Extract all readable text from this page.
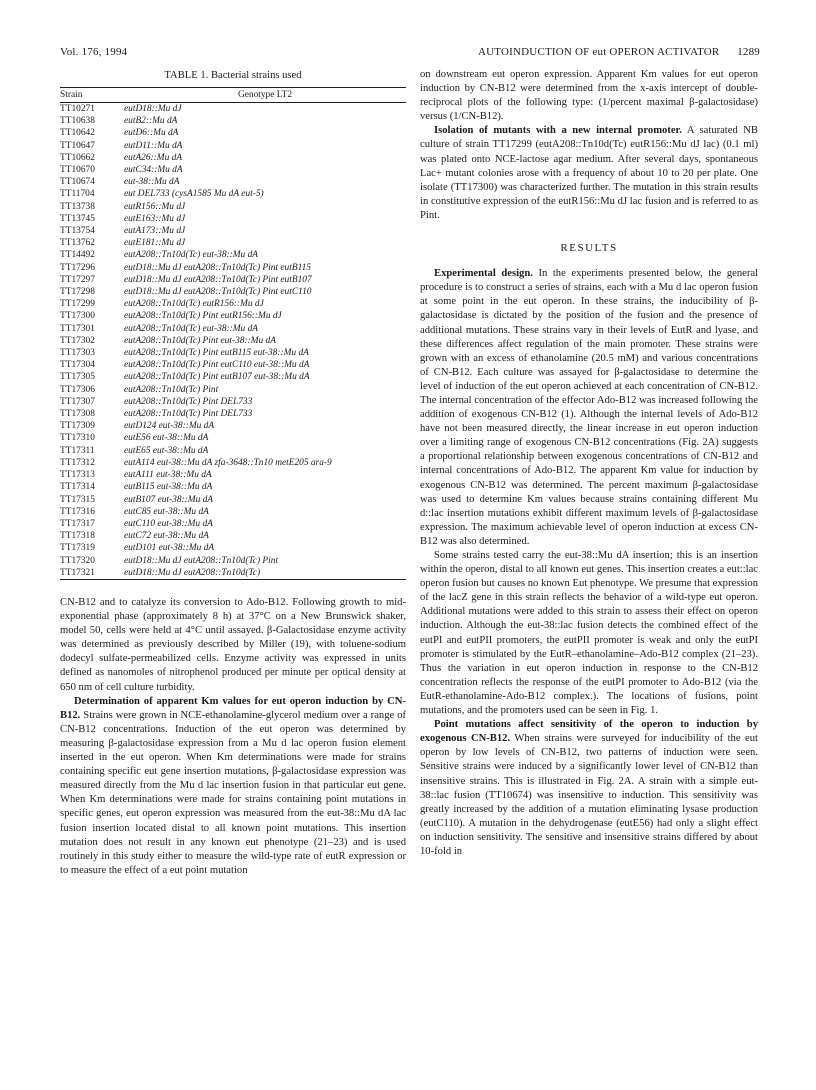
Vol. 176, 1994	AUTOINDUCTION OF eut OPERON ACTIVATOR 1289
TABLE 1. Bacterial strains used
Strain	Genotype LT2
TT10271	eutD18::Mu dJ
TT10638	eutB2::Mu dA
TT10642	eutD6::Mu dA
TT10647	eutD11::Mu dA
TT10662	eutA26::Mu dA
TT10670	eutC34::Mu dA
TT10674	eut-38::Mu dA
TT11704	eut DEL733 (cysA1585 Mu dA eut-5)
TT13738	eutR156::Mu dJ
TT13745	eutE163::Mu dJ
TT13754	eutA173::Mu dJ
TT13762	eutE181::Mu dJ
TT14492	eutA208::Tn10d(Tc) eut-38::Mu dA
TT17296	eutD18::Mu dJ eutA208::Tn10d(Tc) Pint eutB115
TT17297	eutD18::Mu dJ eutA208::Tn10d(Tc) Pint eutB107
TT17298	eutD18::Mu dJ eutA208::Tn10d(Tc) Pint eutC110
TT17299	eutA208::Tn10d(Tc) eutR156::Mu dJ
TT17300	eutA208::Tn10d(Tc) Pint eutR156::Mu dJ
TT17301	eutA208::Tn10d(Tc) eut-38::Mu dA
TT17302	eutA208::Tn10d(Tc) Pint eut-38::Mu dA
TT17303	eutA208::Tn10d(Tc) Pint eutB115 eut-38::Mu dA
TT17304	eutA208::Tn10d(Tc) Pint eutC110 eut-38::Mu dA
TT17305	eutA208::Tn10d(Tc) Pint eutB107 eut-38::Mu dA
TT17306	eutA208::Tn10d(Tc) Pint
TT17307	eutA208::Tn10d(Tc) Pint DEL733
TT17308	eutA208::Tn10d(Tc) Pint DEL733
TT17309	eutD124 eut-38::Mu dA
TT17310	eutE56 eut-38::Mu dA
TT17311	eutE65 eut-38::Mu dA
TT17312	eutA114 eut-38::Mu dA zfa-3648::Tn10 metE205 ara-9
TT17313	eutA111 eut-38::Mu dA
TT17314	eutB115 eut-38::Mu dA
TT17315	eutB107 eut-38::Mu dA
TT17316	eutC85 eut-38::Mu dA
TT17317	eutC110 eut-38::Mu dA
TT17318	eutC72 eut-38::Mu dA
TT17319	eutD101 eut-38::Mu dA
TT17320	eutD18::Mu dJ eutA208::Tn10d(Tc) Pint
TT17321	eutD18::Mu dJ eutA208::Tn10d(Tc)

CN-B12 and to catalyze its conversion to Ado-B12. Following growth to mid-exponential phase (approximately 8 h) at 37°C on a New Brunswick shaker, model 50, cells were held at 4°C until assayed. β-Galactosidase enzyme activity was determined as previously described by Miller (19), with toluene-sodium dodecyl sulfate-permeabilized cells. Enzyme activity was expressed in units defined as nanomoles of nitrophenol produced per minute per optical density at 650 nm of cell culture turbidity.

Determination of apparent Km values for eut operon induction by CN-B12. Strains were grown in NCE-ethanolamine-glycerol medium over a range of CN-B12 concentrations. Induction of the eut operon was determined by measuring β-galactosidase expression from a Mu d lac operon fusion element inserted in the eut operon. When Km determinations were made for strains containing specific eut gene insertion mutations, β-galactosidase expression was measured directly from the Mu d lac insertion fusion in that particular eut gene. When Km determinations were made for strains containing point mutations in specific genes, eut operon expression was measured from the eut-38::Mu dA lac fusion insertion located distal to all known point mutations. This insertion mutation does not result in any known eut phenotype (21–23) and is used routinely in this study either to measure the wild-type rate of eutR expression or to measure the effect of a eut point mutation

on downstream eut operon expression. Apparent Km values for eut operon induction by CN-B12 were determined from the x-axis intercept of double-reciprocal plots of the following type: (1/percent maximal β-galactosidase) versus (1/CN-B12).

Isolation of mutants with a new internal promoter. A saturated NB culture of strain TT17299 (eutA208::Tn10d(Tc) eutR156::Mu dJ lac) (0.1 ml) was plated onto NCE-lactose agar medium. After several days, spontaneous Lac+ mutant colonies arose with a frequency of about 10 to 20 per plate. One isolate (TT17300) was characterized further. The mutation in this strain results in constitutive expression of the eutR156::Mu dJ lac fusion and is referred to as Pint.

RESULTS

Experimental design. In the experiments presented below, the general procedure is to construct a series of strains, each with a Mu d lac operon fusion at some point in the eut operon. In these strains, the inducibility of β-galactosidase is dictated by the position of the fusion and the presence of additional mutations. These strains vary in their levels of EutR and lyase, and these differences affect regulation of the main promoter. These strains were grown with an excess of ethanolamine (20.5 mM) and various concentrations of CN-B12. Each culture was assayed for β-galactosidase to determine the level of induction of the eut operon achieved at each concentration of CN-B12. The internal concentration of the effector Ado-B12 was increased following the addition of exogenous CN-B12 (1). Although the internal levels of Ado-B12 have not been measured directly, the linear increase in eut operon induction over a limiting range of exogenous CN-B12 concentrations (Fig. 2A) suggests a proportional relationship between exogenous concentrations of CN-B12 and internal concentrations of Ado-B12. The apparent Km value for induction by exogenous CN-B12 was determined. The percent maximum β-galactosidase was used to determine Km values because strains containing different Mu d::lac insertion mutations exhibit different maximum levels of β-galactosidase expression. The maximum achievable level of operon induction at excess CN-B12 was also determined.

Some strains tested carry the eut-38::Mu dA insertion; this is an insertion within the operon, distal to all known eut genes. This insertion creates a eut::lac operon fusion but causes no known Eut phenotype. We presume that expression of the lacZ gene in this strain reflects the behavior of a wild-type eut operon. Additional mutations were added to this strain to assess their effect on operon induction. Although the eut-38::lac fusion detects the combined effect of the eutPI and eutPII promoters, the eutPII promoter is weak and only the eutPI promoter is stimulated by the EutR–ethanolamine–Ado-B12 complex (21–23). Thus the variation in eut operon induction in response to the CN-B12 concentration reflects the response of the eutPI promoter to Ado-B12 (via the EutR-ethanolamine-Ado-B12 complex.). The locations of fusions, point mutations, and the promoters used can be seen in Fig. 1.

Point mutations affect sensitivity of the operon to induction by exogenous CN-B12. When strains were surveyed for inducibility of the eut operon by low levels of CN-B12, two patterns of induction were seen. Sensitive strains were induced by a significantly lower level of CN-B12 than insensitive strains. This is illustrated in Fig. 2A. A strain with a simple eut-38::lac fusion (TT10674) was insensitive to induction. This sensitivity was greatly increased by the addition of a mutation eliminating lysase production (eutC110). A mutation in the dehydrogenase (eutE56) had only a slight effect on induction sensitivity. The sensitive and insensitive strains differed by about 10-fold in
